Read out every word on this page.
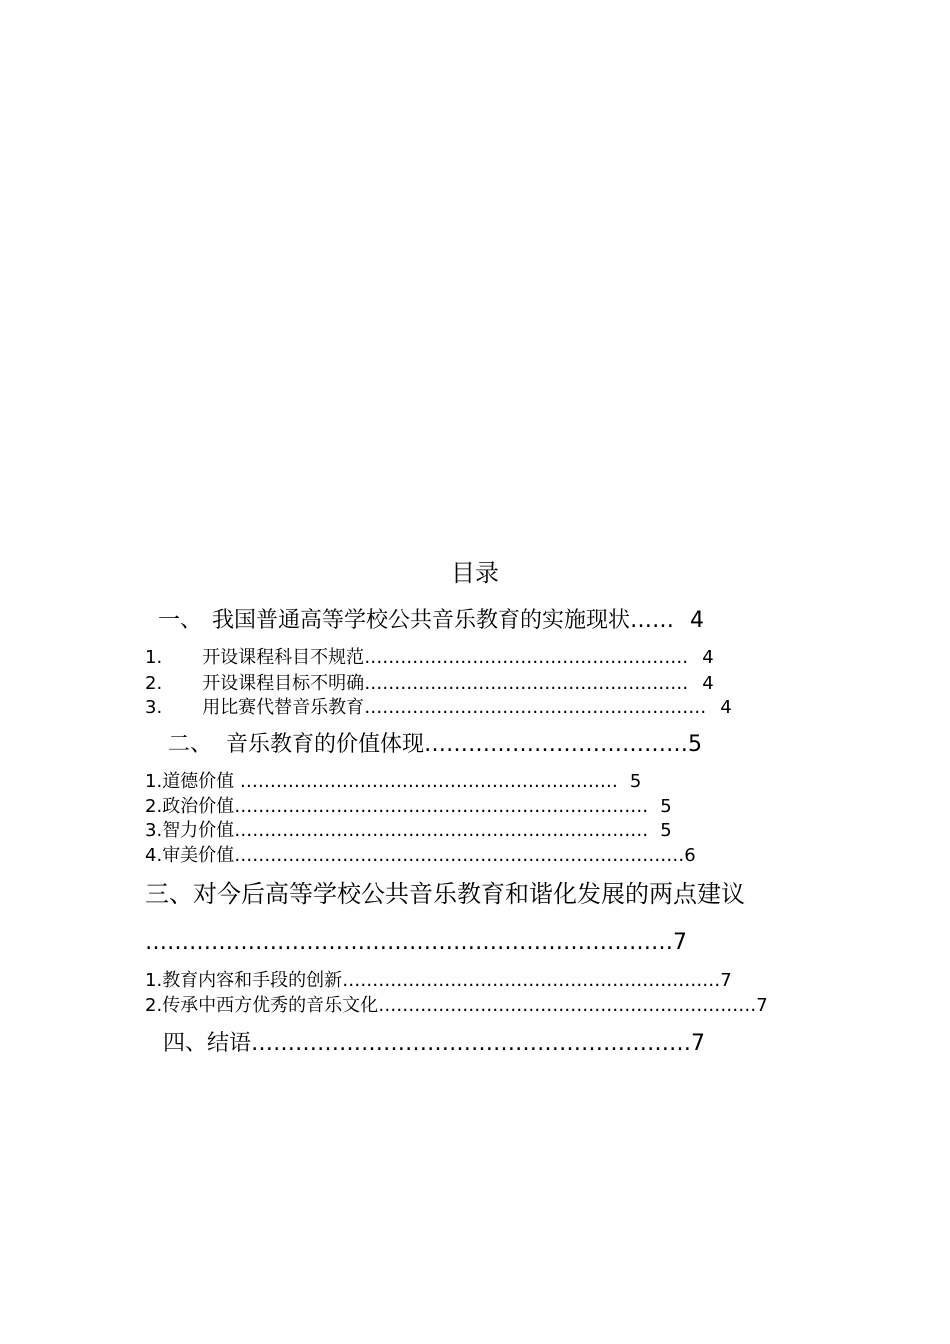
目录
一、 我国普通高等学校公共音乐教育的实施现状…… 4
1. 开设课程科目不规范……………………………………………… 4
2. 开设课程目标不明确……………………………………………… 4
3. 用比赛代替音乐教育………………………………………………… 4
二、 音乐教育的价值体现………………………………5
1.道德价值 ……………………………………………………… 5
2.政治价值…………………………………………………………… 5
3.智力价值…………………………………………………………… 5
4.审美价值…………………………………………………………………6
三、对今后高等学校公共音乐教育和谐化发展的两点建议
………………………………………………………………7
1.教育内容和手段的创新………………………………………………………7
2.传承中西方优秀的音乐文化………………………………………………………7
四、结语……………………………………………………7
